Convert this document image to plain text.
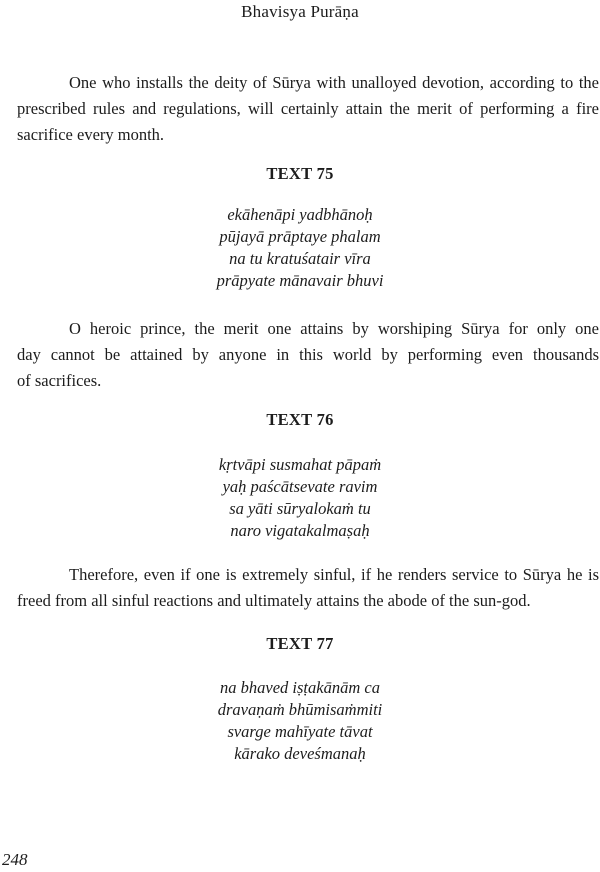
Bhavisya Purāṇa
One who installs the deity of Sūrya with unalloyed devotion, according to the
prescribed rules and regulations, will certainly attain the merit of performing a fire
sacrifice every month.
TEXT 75
ekāhenāpi yadbhānoḥ
pūjayā prāptaye phalam
na tu kratuśatair vīra
prāpyate mānavair bhuvi
O heroic prince, the merit one attains by worshiping Sūrya for only one
day cannot be attained by anyone in this world by performing even thousands
of sacrifices.
TEXT 76
kṛtvāpi susmahat pāpaṁ
yaḥ paścātsevate ravim
sa yāti sūryalokaṁ tu
naro vigatakalmaṣaḥ
Therefore, even if one is extremely sinful, if he renders service to Sūrya he is
freed from all sinful reactions and ultimately attains the abode of the sun-god.
TEXT 77
na bhaved iṣṭakānām ca
dravaṇaṁ bhūmisaṁmiti
svarge mahīyate tāvat
kārako deveśmanaḥ
248
